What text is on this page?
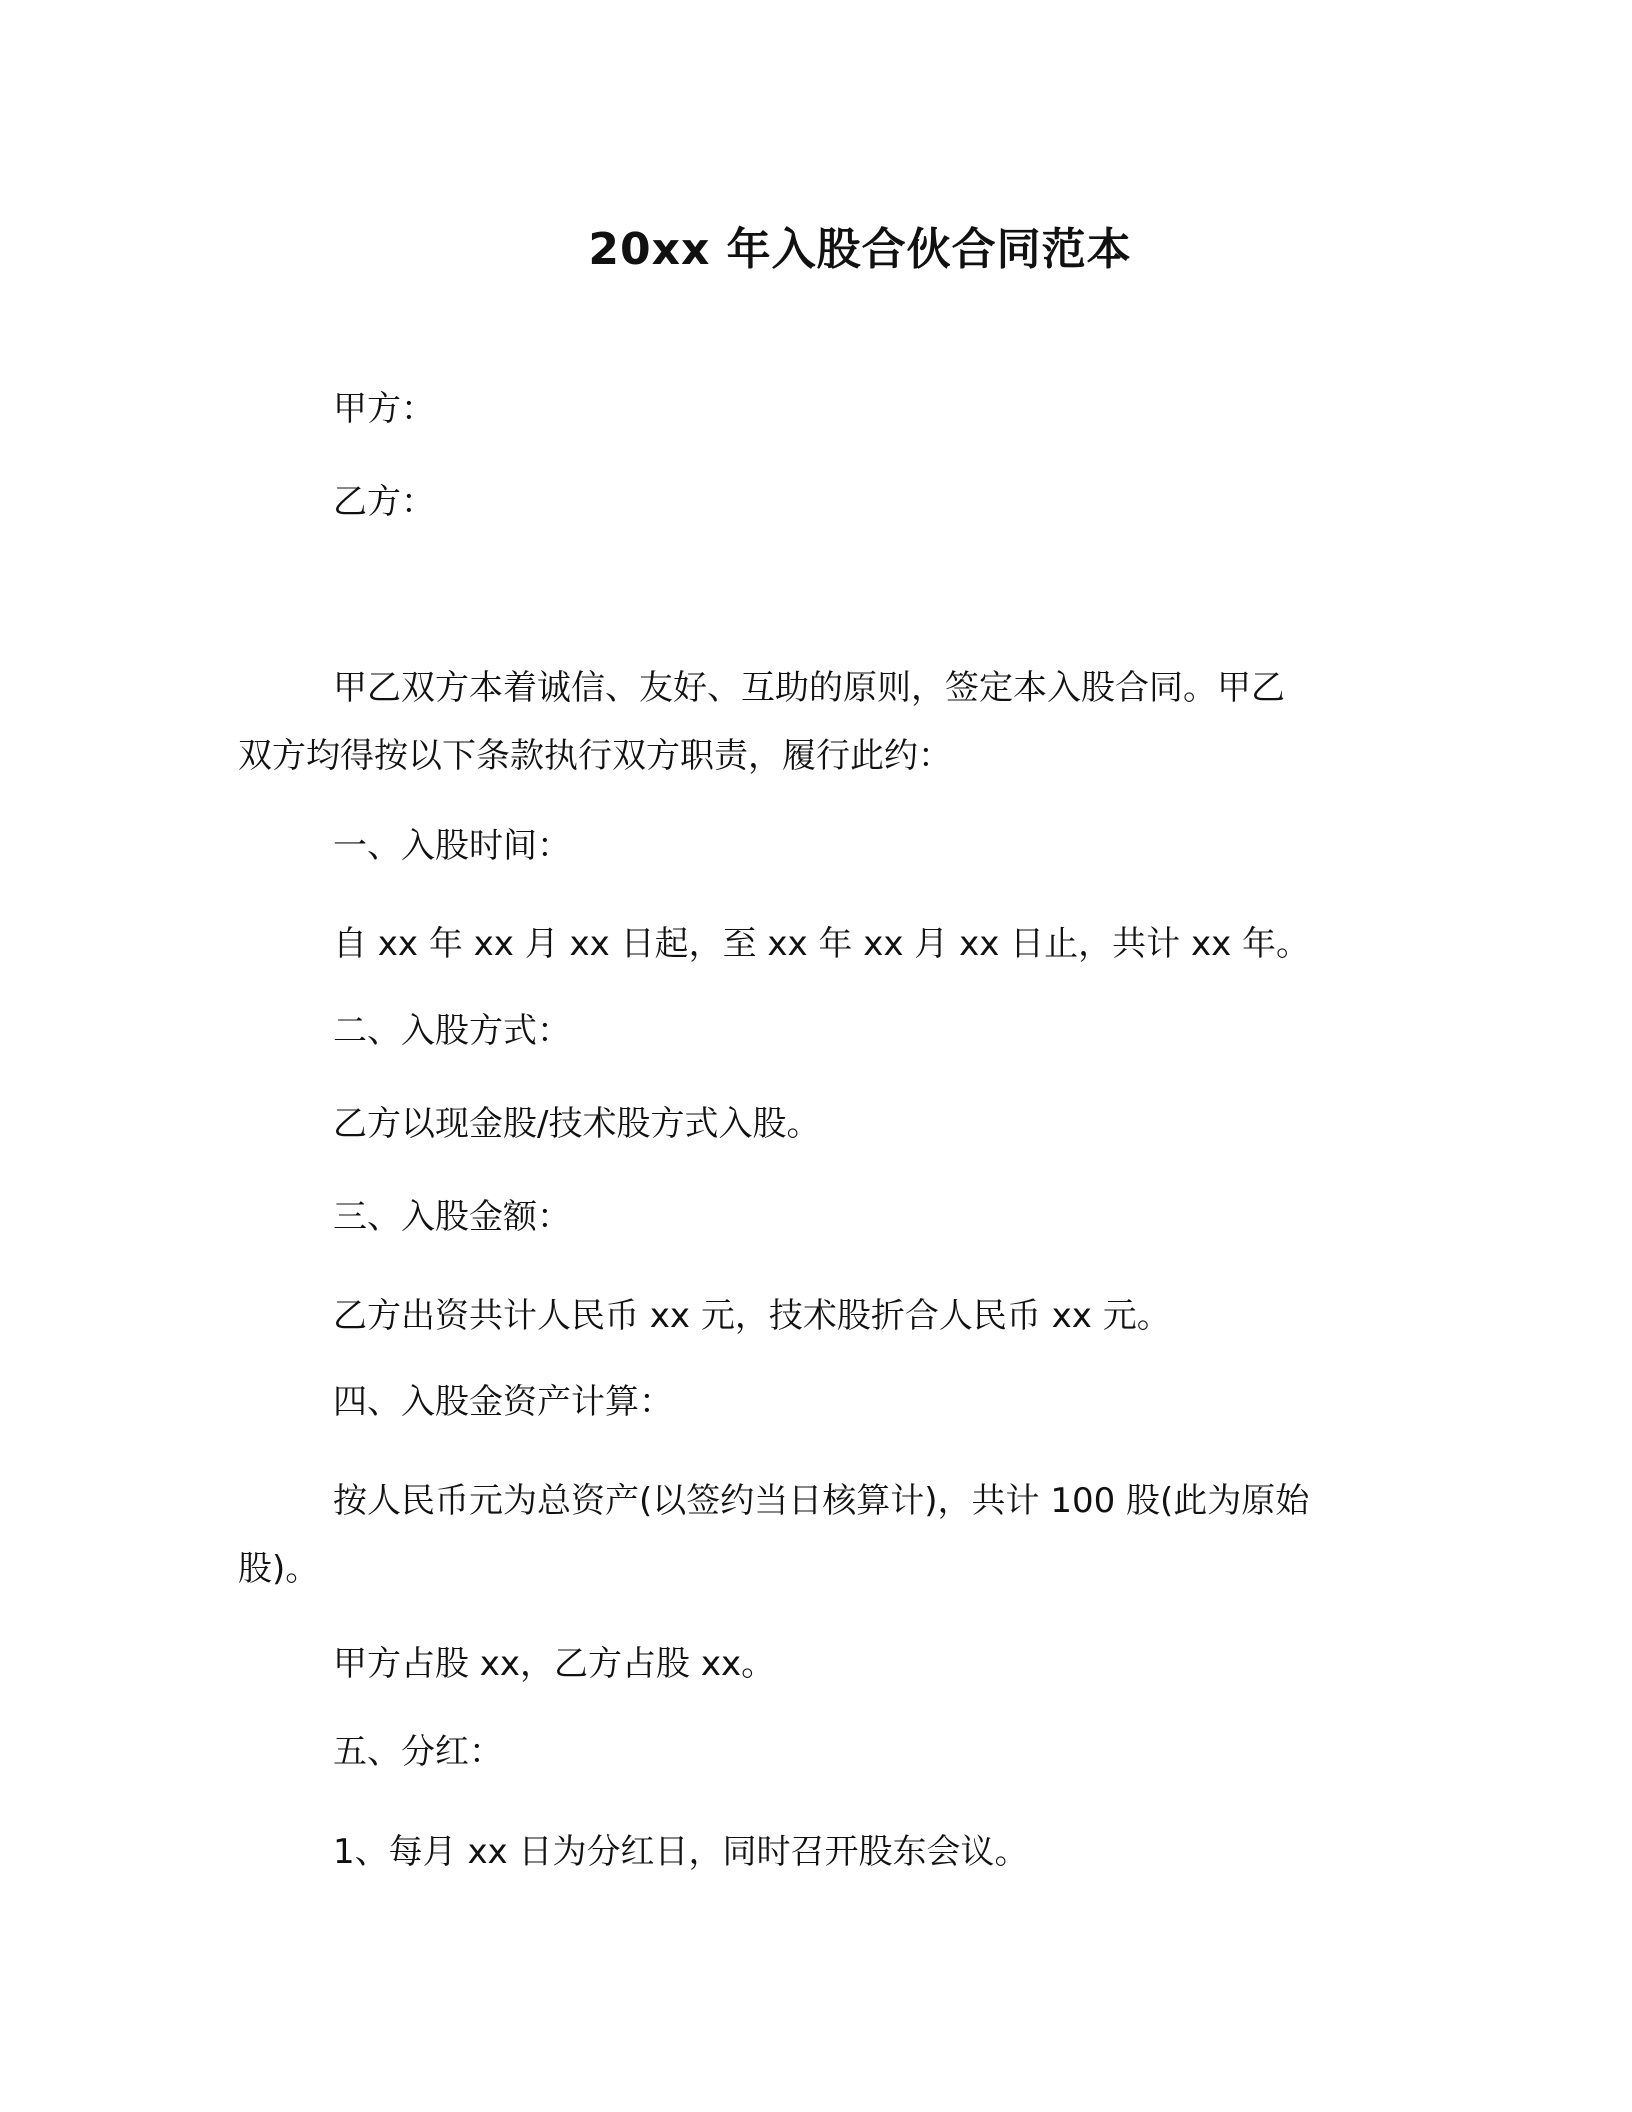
20xx 年入股合伙合同范本
甲方：
乙方：
甲乙双方本着诚信、友好、互助的原则，签定本入股合同。甲乙
双方均得按以下条款执行双方职责，履行此约：
一、入股时间：
自 xx 年 xx 月 xx 日起，至 xx 年 xx 月 xx 日止，共计 xx 年。
二、入股方式：
乙方以现金股/技术股方式入股。
三、入股金额：
乙方出资共计人民币 xx 元，技术股折合人民币 xx 元。
四、入股金资产计算：
按人民币元为总资产(以签约当日核算计)，共计 100 股(此为原始
股)。
甲方占股 xx，乙方占股 xx。
五、分红：
1、每月 xx 日为分红日，同时召开股东会议。
